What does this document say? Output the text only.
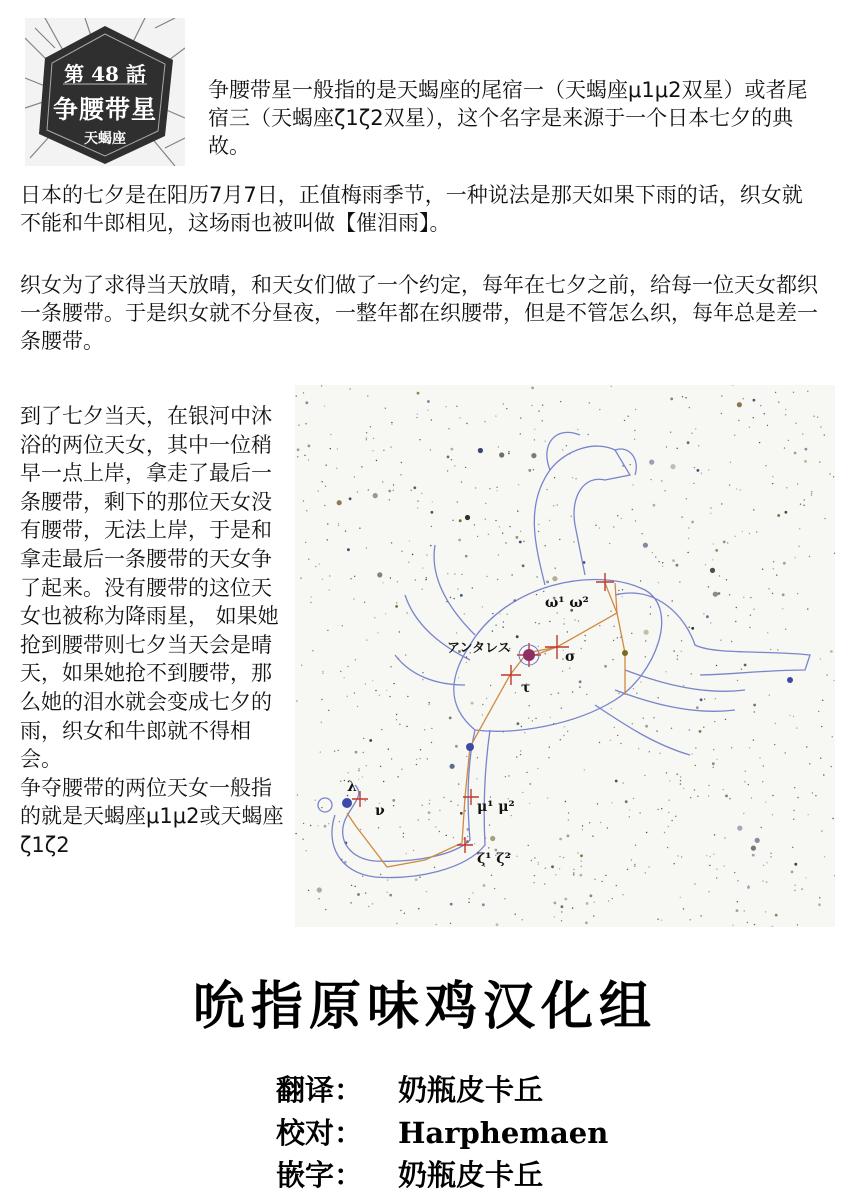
第 48 話
争腰带星
天蝎座

争腰带星一般指的是天蝎座的尾宿一（天蝎座μ1μ2双星）或者尾宿三（天蝎座ζ1ζ2双星），这个名字是来源于一个日本七夕的典故。

日本的七夕是在阳历7月7日，正值梅雨季节，一种说法是那天如果下雨的话，织女就不能和牛郎相见，这场雨也被叫做【催泪雨】。

织女为了求得当天放晴，和天女们做了一个约定，每年在七夕之前，给每一位天女都织一条腰带。于是织女就不分昼夜，一整年都在织腰带，但是不管怎么织，每年总是差一条腰带。

到了七夕当天，在银河中沐浴的两位天女，其中一位稍早一点上岸，拿走了最后一条腰带，剩下的那位天女没有腰带，无法上岸，于是和拿走最后一条腰带的天女争了起来。没有腰带的这位天女也被称为降雨星， 如果她抢到腰带则七夕当天会是晴天，如果她抢不到腰带，那么她的泪水就会变成七夕的雨，织女和牛郎就不得相会。
争夺腰带的两位天女一般指的就是天蝎座μ1μ2或天蝎座ζ1ζ2
ω¹ ω²
アンタレス
σ
τ
λ
ν	μ¹ μ²
ζ¹ ζ²
吮指原味鸡汉化组
翻译： 奶瓶皮卡丘
校对： Harphemaen
嵌字： 奶瓶皮卡丘
